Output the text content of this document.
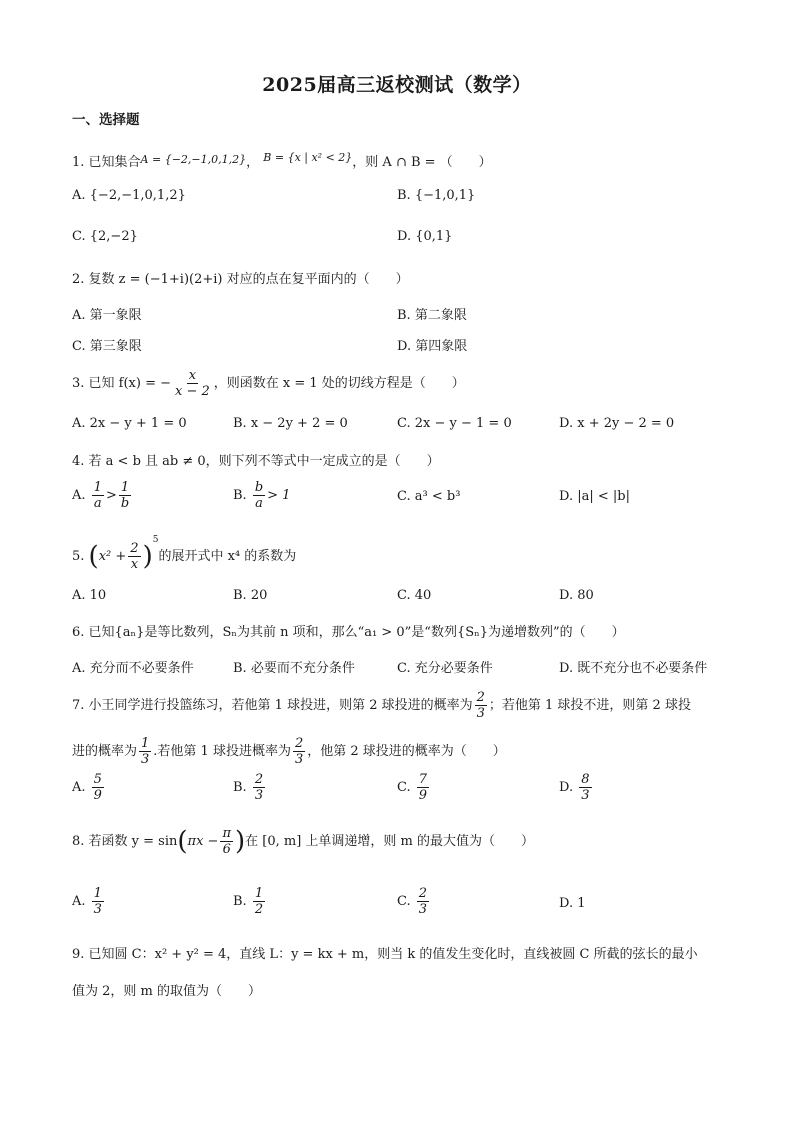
2025届高三返校测试（数学）
一、选择题
1. 已知集合$^{A = \{-2,-1,0,1,2\}}$， $^{B = \{x | x^2 < 2\}}$，则 A ∩ B = （　　）
A. {−2,−1,0,1,2}	B. {−1,0,1}
C. {2,−2}	D. {0,1}
2. 复数 z = (−1+i)(2+i) 对应的点在复平面内的（　　）
A. 第一象限	B. 第二象限
C. 第三象限	D. 第四象限
3. 已知 f(x) = − $\frac{x}{x - 2}$ ，则函数在 x = 1 处的切线方程是（　　）
A. 2x − y + 1 = 0	B. x − 2y + 2 = 0	C. 2x − y − 1 = 0	D. x + 2y − 2 = 0
4. 若 a < b 且 ab ≠ 0，则下列不等式中一定成立的是（　　）
A. $\frac{1}{a} > \frac{1}{b}$	B. $\frac{b}{a} > 1$	C. a³ < b³	D. |a| < |b|
5. $(x^2 + \frac{2}{x} )^5$的展开式中 x⁴ 的系数为
A. 10	B. 20	C. 40	D. 80
6. 已知{aₙ}是等比数列，Sₙ为其前 n 项和，那么“a₁ > 0”是“数列{Sₙ}为递增数列”的（　　）
A. 充分而不必要条件	B. 必要而不充分条件	C. 充分必要条件	D. 既不充分也不必要条件
7. 小王同学进行投篮练习，若他第 1 球投进，则第 2 球投进的概率为 $\frac{2}{3}$ ；若他第 1 球投不进，则第 2 球投
进的概率为 $\frac{1}{3}$ .若他第 1 球投进概率为 $\frac{2}{3}$ ，他第 2 球投进的概率为（　　）
A. $\frac{5}{9}$	B. $\frac{2}{3}$	C. $\frac{7}{9}$	D. $\frac{8}{3}$
8. 若函数 $y = \sin(\pi x - \frac{\pi}{6}$ )在 [0, m] 上单调递增，则 m 的最大值为（　　）
A. $\frac{1}{3}$	B. $\frac{1}{2}$	C. $\frac{2}{3}$	D. 1
9. 已知圆 C：x² + y² = 4，直线 L：y = kx + m，则当 k 的值发生变化时，直线被圆 C 所截的弦长的最小
值为 2，则 m 的取值为（　　）
